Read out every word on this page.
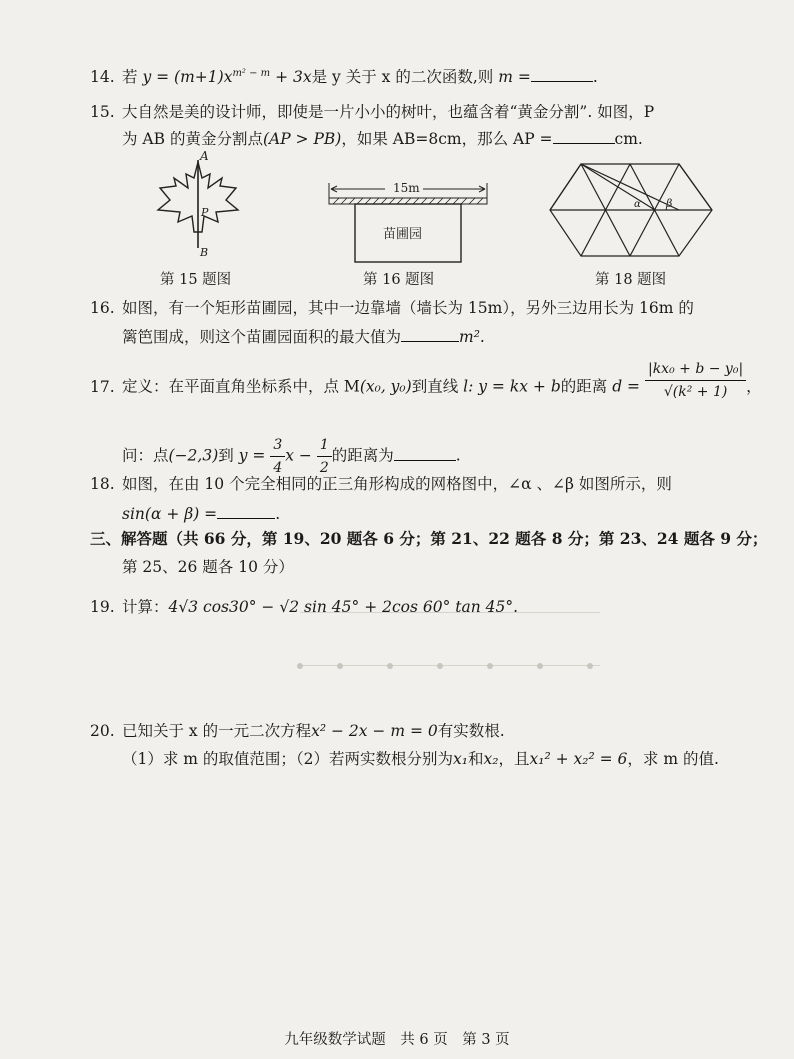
14. 若 $y = (m+1)x^{m^2 - m} + 3x$是 y 关于 x 的二次函数,则 m =	.
15. 大自然是美的设计师，即使是一片小小的树叶，也蕴含着“黄金分割”. 如图，P
为 AB 的黄金分割点(AP > PB)，如果 AB=8cm，那么 AP =	cm.
A
P
B
15m
苗圃园
α β
第 15 题图	第 16 题图	第 18 题图
16. 如图，有一个矩形苗圃园，其中一边靠墙（墙长为 15m），另外三边用长为 16m 的
篱笆围成，则这个苗圃园面积的最大值为	m².
17. 定义：在平面直角坐标系中，点 M(x₀, y₀)到直线 l: y = kx + b的距离 $d = \frac{\text{|kx₀ + b − y₀|}}{\text{√(k² + 1)}}$ ，
问：点(−2,3)到 $y = \frac{3}{4}$ $x - \frac{1}{2}$ 的距离为	.
18. 如图，在由 10 个完全相同的正三角形构成的网格图中，∠α 、∠β 如图所示，则
sin(α + β) =	.
三、解答题（共 66 分，第 19、20 题各 6 分；第 21、22 题各 8 分；第 23、24 题各 9 分；
第 25、26 题各 10 分）
19. 计算：4√3 cos30° − √2 sin 45° + 2cos 60° tan 45°.
20. 已知关于 x 的一元二次方程x² − 2x − m = 0有实数根.
（1）求 m 的取值范围；（2）若两实数根分别为x₁和x₂，且x₁² + x₂² = 6，求 m 的值.
九年级数学试题　共 6 页　第 3 页
